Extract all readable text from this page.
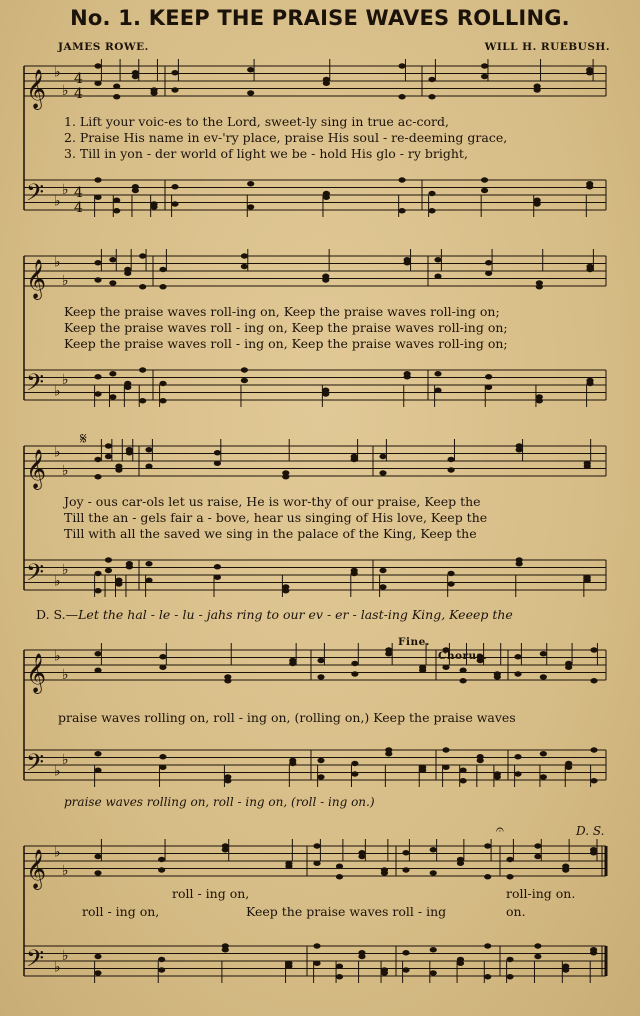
𝄞 ♭
♭
𝄢 ♭
♭
4
4
4
4
𝄞 ♭
♭
𝄢 ♭
♭
𝄞 ♭
♭
𝄢 ♭
♭
𝄞 ♭
♭
𝄢 ♭
♭
𝄞 ♭
♭
𝄢 ♭
♭
𝄋
𝄐
No. 1. KEEP THE PRAISE WAVES ROLLING.
JAMES ROWE.	WILL H. RUEBUSH.
1. Lift your voic-es to the Lord, sweet-ly sing in true ac-cord,
2. Praise His name in ev-'ry place, praise His soul - re-deeming grace,
3. Till in yon - der world of light we be - hold His glo - ry bright,
Keep the praise waves roll-ing on, Keep the praise waves roll-ing on;
Keep the praise waves roll - ing on, Keep the praise waves roll-ing on;
Keep the praise waves roll - ing on, Keep the praise waves roll-ing on;
Joy - ous car-ols let us raise, He is wor-thy of our praise, Keep the
Till the an - gels fair a - bove, hear us singing of His love, Keep the
Till with all the saved we sing in the palace of the King, Keep the
D. S.—Let the hal - le - lu - jahs ring to our ev - er - last-ing King, Keeep the
Fine.
Chorus.
D. S.
praise waves rolling on, roll - ing on, (rolling on,) Keep the praise waves
praise waves rolling on, roll - ing on, (roll - ing on.)
roll - ing on,	roll-ing on.
roll - ing on,	Keep the praise waves roll - ing	on.
